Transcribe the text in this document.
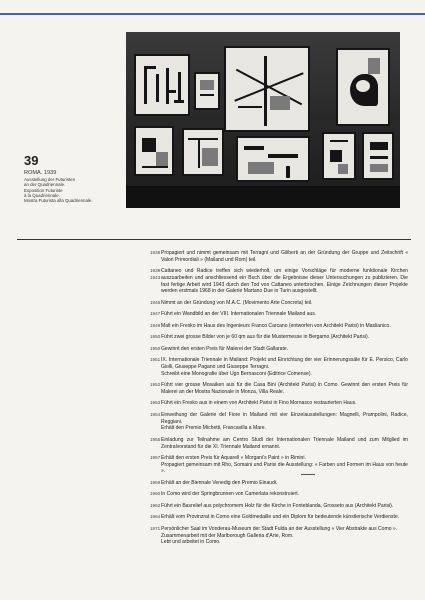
39
ROMA. 1939
Ausstellung der Futuristen
an der Quadriennale.
Exposition Futuriste
à la Quadriennale.
Mostra Futurista alla Quadriennale.
1938 Propagiert und nimmt gemeinsam mit Terragni und Giliberti an der Gründung der Gruppe und Zeitschrift « Valori Primordiali » (Mailand und Rom) teil.
1939-1943
Cattaneo und Radice treffen sich wiederholt, um einige Vorschläge für moderne funktionale Kirchen auszuarbeiten und anschliessend ein Buch über die Ergebnisse dieser Untersuchungen zu publizieren. Die fast fertige Arbeit wird 1943 durch den Tod von Cattaneo unterbrochen. Einige Zeichnungen dieser Projekte werden erstmals 1968 in der Galerie Martano Due in Turin ausgestellt.
1946 Nimmt an der Gründung von M.A.C. (Movimento Arte Concreta) teil.
1947 Führt ein Wandbild an der VIII. Internationalen Triennale Mailand aus.
1949 Malt ein Fresko im Haus des Ingenieurs Franco Carcano (entworfen von Architekt Parisi) in Maslianico.
1950 Führt zwei grosse Bilder von je 60 qm aus für die Mustermesse in Bergamo (Architekt Parisi).
1950 Gewinnt den ersten Preis für Malerei der Stadt Gallarate.
1951 IX. Internationale Triennale in Mailand: Projekt und Einrichtung der vier Erinnerungssäle für E. Persico, Carlo Giolli, Giuseppe Pagano und Giuseppe Terragni.
Schreibt eine Monografie über Ugo Bernasconi (Editrice Comense).
1952 Führt vier grosse Mosaiken aus für die Casa Bini (Architekt Parisi) in Como. Gewinnt den ersten Preis für Malerei an der Mostra Nazionale in Monza, Villa Reale.
1953 Führt ein Fresko aus in einem von Architekt Parisi in Fino Mornasco restaurierten Haus.
1954 Einweihung der Galerie del Fiore in Mailand mit vier Einzelausstellungen: Magnelli, Prampolini, Radice, Reggiani.
Erhält den Premio Michetti, Francavilla a Mare.
1955 Einladung zur Teilnahme am Centro Studi der Internationalen Triennale Mailand und zum Mitglied im Zentralvorstand für die XI. Triennale Mailand ernannt.
1957 Erhält den ersten Preis für Aquarell « Morgani's Paint » in Rimini.
Propagiert gemeinsam mit Rho, Somaini und Parisi die Ausstellung: « Farben und Formen im Haus von heute ».
1959 Erhält an der Biennale Venedig den Premio Einaudi.
1960 In Como wird der Springbrunnen von Camerlata rekonstruiert.
1962 Führt ein Basrelief aus polychromem Holz für die Kirche in Fonteblanda, Grosseto aus (Architekt Parisi).
1964 Erhält vom Provinzrat in Como eine Goldmedaille und ein Diplom für bedeutende künstlerische Verdienste.
1971 Persönlicher Saal im Vonderau-Museum der Stadt Fulda an der Ausstellung « Vier Abstrakte aus Como ».
Zusammenarbeit mit der Marlborough Galleria d'Arte, Rom.
Lebt und arbeitet in Como.
